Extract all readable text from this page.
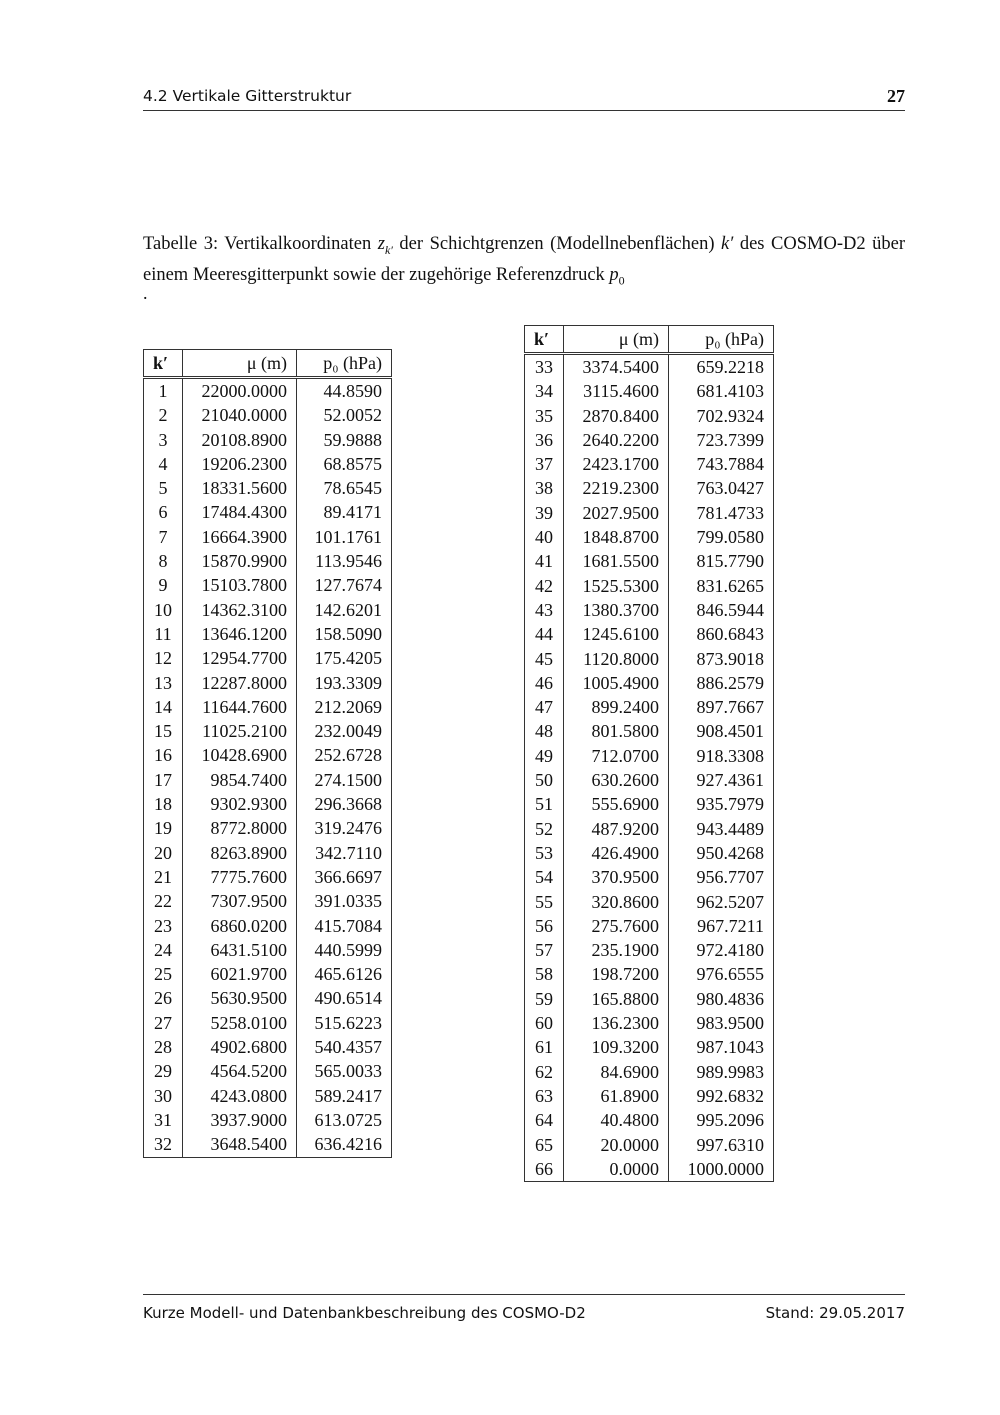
4.2 Vertikale Gitterstruktur	27
Tabelle 3: Vertikalkoordinaten $z_{k'}$ der Schichtgrenzen (Modellnebenflächen) k′ des COSMO-D2 über einem Meeresgitterpunkt sowie der zugehörige Referenzdruck $p_0$
.
k′	μ (m)	p₀ (hPa)
1	22000.0000	44.8590
2	21040.0000	52.0052
3	20108.8900	59.9888
4	19206.2300	68.8575
5	18331.5600	78.6545
6	17484.4300	89.4171
7	16664.3900	101.1761
8	15870.9900	113.9546
9	15103.7800	127.7674
10	14362.3100	142.6201
11	13646.1200	158.5090
12	12954.7700	175.4205
13	12287.8000	193.3309
14	11644.7600	212.2069
15	11025.2100	232.0049
16	10428.6900	252.6728
17	9854.7400	274.1500
18	9302.9300	296.3668
19	8772.8000	319.2476
20	8263.8900	342.7110
21	7775.7600	366.6697
22	7307.9500	391.0335
23	6860.0200	415.7084
24	6431.5100	440.5999
25	6021.9700	465.6126
26	5630.9500	490.6514
27	5258.0100	515.6223
28	4902.6800	540.4357
29	4564.5200	565.0033
30	4243.0800	589.2417
31	3937.9000	613.0725
32	3648.5400	636.4216
k′	μ (m)	p₀ (hPa)
33	3374.5400	659.2218
34	3115.4600	681.4103
35	2870.8400	702.9324
36	2640.2200	723.7399
37	2423.1700	743.7884
38	2219.2300	763.0427
39	2027.9500	781.4733
40	1848.8700	799.0580
41	1681.5500	815.7790
42	1525.5300	831.6265
43	1380.3700	846.5944
44	1245.6100	860.6843
45	1120.8000	873.9018
46	1005.4900	886.2579
47	899.2400	897.7667
48	801.5800	908.4501
49	712.0700	918.3308
50	630.2600	927.4361
51	555.6900	935.7979
52	487.9200	943.4489
53	426.4900	950.4268
54	370.9500	956.7707
55	320.8600	962.5207
56	275.7600	967.7211
57	235.1900	972.4180
58	198.7200	976.6555
59	165.8800	980.4836
60	136.2300	983.9500
61	109.3200	987.1043
62	84.6900	989.9983
63	61.8900	992.6832
64	40.4800	995.2096
65	20.0000	997.6310
66	0.0000	1000.0000
Kurze Modell- und Datenbankbeschreibung des COSMO-D2	Stand: 29.05.2017
